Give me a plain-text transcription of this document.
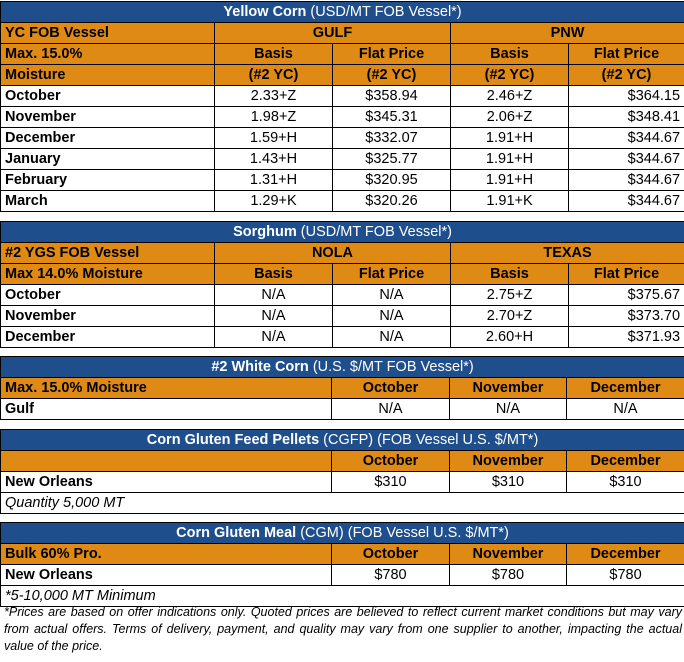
Yellow Corn (USD/MT FOB Vessel*)				
YC FOB Vessel	GULF		PNW	
Max. 15.0%	Basis	Flat Price	Basis	Flat Price
Moisture	(#2 YC)	(#2 YC)	(#2 YC)	(#2 YC)
October	2.33+Z	$358.94	2.46+Z	$364.15
November	1.98+Z	$345.31	2.06+Z	$348.41
December	1.59+H	$332.07	1.91+H	$344.67
January	1.43+H	$325.77	1.91+H	$344.67
February	1.31+H	$320.95	1.91+H	$344.67
March	1.29+K	$320.26	1.91+K	$344.67
Sorghum (USD/MT FOB Vessel*)				
#2 YGS FOB Vessel	NOLA		TEXAS	
Max 14.0% Moisture	Basis	Flat Price	Basis	Flat Price
October	N/A	N/A	2.75+Z	$375.67
November	N/A	N/A	2.70+Z	$373.70
December	N/A	N/A	2.60+H	$371.93
#2 White Corn (U.S. $/MT FOB Vessel*)			
Max. 15.0% Moisture	October	November	December
Gulf	N/A	N/A	N/A
Corn Gluten Feed Pellets (CGFP) (FOB Vessel U.S. $/MT*)			
	October	November	December
New Orleans	$310	$310	$310
Quantity 5,000 MT			
Corn Gluten Meal (CGM) (FOB Vessel U.S. $/MT*)			
Bulk 60% Pro.	October	November	December
New Orleans	$780	$780	$780
*5-10,000 MT Minimum			
*Prices are based on offer indications only. Quoted prices are believed to reflect current market conditions but may vary from actual offers. Terms of delivery, payment, and quality may vary from one supplier to another, impacting the actual value of the price.
